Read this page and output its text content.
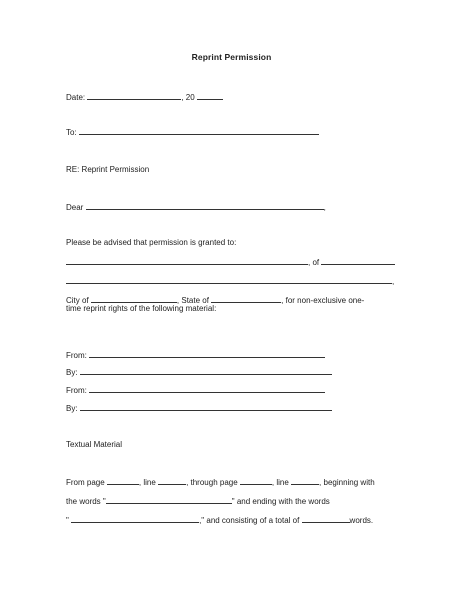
Reprint Permission
Date:	, 20
To:
RE: Reprint Permission
Dear	,
Please be advised that permission is granted to:
, of
,
City of	, State of	, for non-exclusive one-
time reprint rights of the following material:
From:
By:
From:
By:
Textual Material
From page	, line	, through page	, line	, beginning with
the words "	" and ending with the words
"	," and consisting of a total of	words.
